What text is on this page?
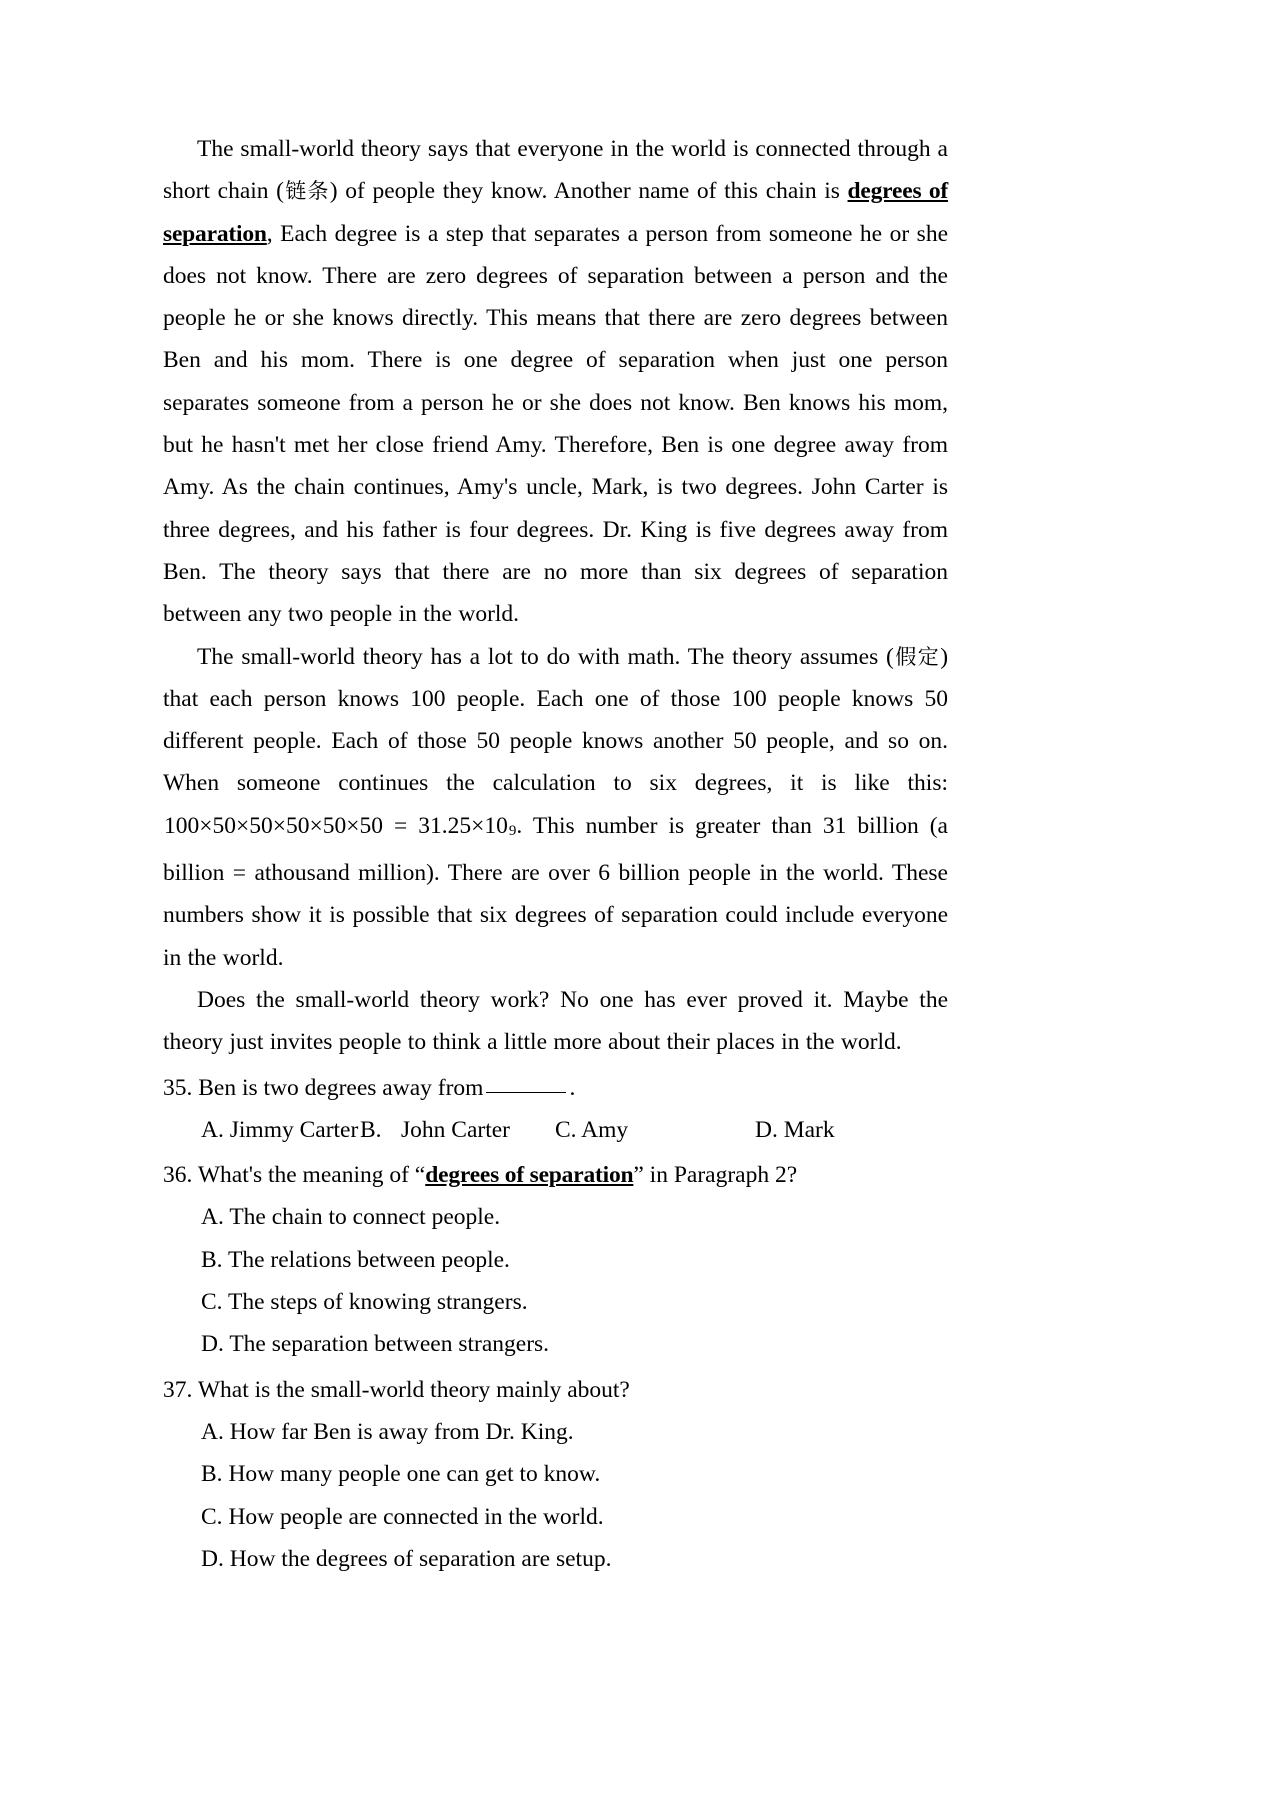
The small-world theory says that everyone in the world is connected through a short chain (链条) of people they know. Another name of this chain is degrees of separation, Each degree is a step that separates a person from someone he or she does not know. There are zero degrees of separation between a person and the people he or she knows directly. This means that there are zero degrees between Ben and his mom. There is one degree of separation when just one person separates someone from a person he or she does not know. Ben knows his mom, but he hasn't met her close friend Amy. Therefore, Ben is one degree away from Amy. As the chain continues, Amy's uncle, Mark, is two degrees. John Carter is three degrees, and his father is four degrees. Dr. King is five degrees away from Ben. The theory says that there are no more than six degrees of separation between any two people in the world.

The small-world theory has a lot to do with math. The theory assumes (假定) that each person knows 100 people. Each one of those 100 people knows 50 different people. Each of those 50 people knows another 50 people, and so on. When someone continues the calculation to six degrees, it is like this: 100×50×50×50×50×50 = 31.25×109. This number is greater than 31 billion (a billion = athousand million). There are over 6 billion people in the world. These numbers show it is possible that six degrees of separation could include everyone in the world.

Does the small-world theory work? No one has ever proved it. Maybe the theory just invites people to think a little more about their places in the world.

35. Ben is two degrees away from	.

A. Jimmy Carter B. John Carter C. Amy	D. Mark

36. What's the meaning of “degrees of separation” in Paragraph 2?

A. The chain to connect people.

B. The relations between people.

C. The steps of knowing strangers.

D. The separation between strangers.

37. What is the small-world theory mainly about?

A. How far Ben is away from Dr. King.

B. How many people one can get to know.

C. How people are connected in the world.

D. How the degrees of separation are setup.
